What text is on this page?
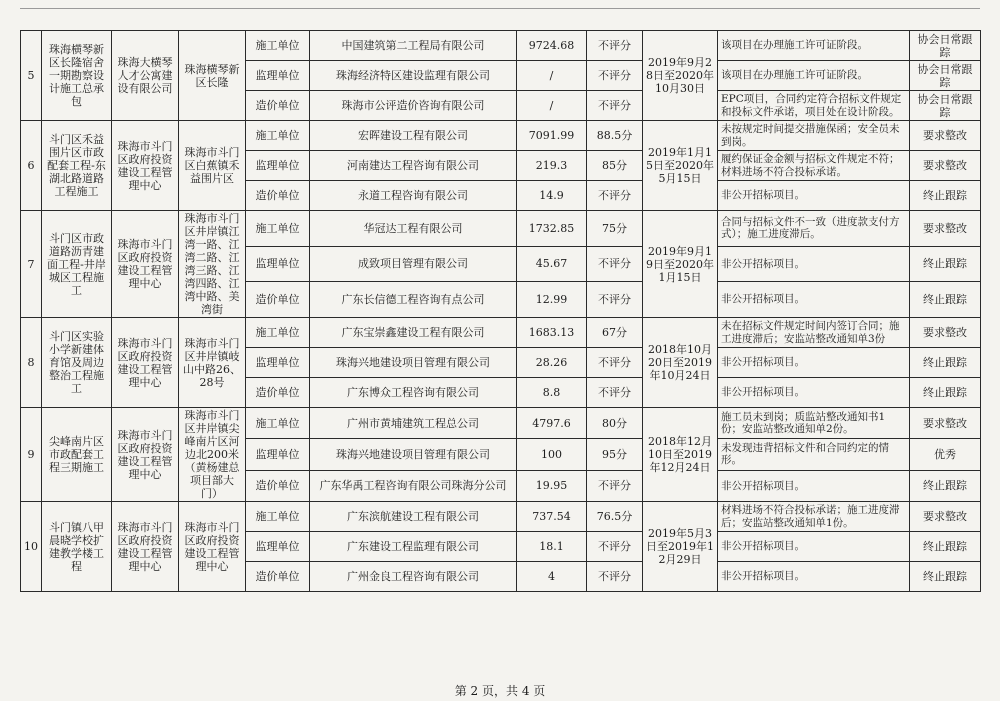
5	珠海横琴新区长隆宿舍一期勘察设计施工总承包	珠海大横琴人才公寓建设有限公司	珠海横琴新区长隆	施工单位	中国建筑第二工程局有限公司	9724.68	不评分	2019年9月28日至2020年10月30日	该项目在办理施工许可证阶段。	协会日常跟踪
				监理单位	珠海经济特区建设监理有限公司	/	不评分		该项目在办理施工许可证阶段。	协会日常跟踪
				造价单位	珠海市公评造价咨询有限公司	/	不评分		EPC项目，合同约定符合招标文件规定和投标文件承诺，项目处在设计阶段。	协会日常跟踪
6	斗门区禾益围片区市政配套工程-东湖北路道路工程施工	珠海市斗门区政府投资建设工程管理中心	珠海市斗门区白蕉镇禾益围片区	施工单位	宏晖建设工程有限公司	7091.99	88.5分	2019年1月15日至2020年5月15日	未按规定时间提交措施保函；安全员未到岗。	要求整改
				监理单位	河南建达工程咨询有限公司	219.3	85分		履约保证金金额与招标文件规定不符；材料进场不符合投标承诺。	要求整改
				造价单位	永道工程咨询有限公司	14.9	不评分		非公开招标项目。	终止跟踪
7	斗门区市政道路沥青建面工程-井岸城区工程施工	珠海市斗门区政府投资建设工程管理中心	珠海市斗门区井岸镇江湾一路、江湾二路、江湾三路、江湾四路、江湾中路、美湾街	施工单位	华冠达工程有限公司	1732.85	75分	2019年9月19日至2020年1月15日	合同与招标文件不一致（进度款支付方式）；施工进度滞后。	要求整改
				监理单位	成致项目管理有限公司	45.67	不评分		非公开招标项目。	终止跟踪
				造价单位	广东长信德工程咨询有点公司	12.99	不评分		非公开招标项目。	终止跟踪
8	斗门区实验小学新建体育馆及周边整治工程施工	珠海市斗门区政府投资建设工程管理中心	珠海市斗门区井岸镇岐山中路26、28号	施工单位	广东宝崇鑫建设工程有限公司	1683.13	67分	2018年10月20日至2019年10月24日	未在招标文件规定时间内签订合同；施工进度滞后；安监站整改通知单3份	要求整改
				监理单位	珠海兴地建设项目管理有限公司	28.26	不评分		非公开招标项目。	终止跟踪
				造价单位	广东博众工程咨询有限公司	8.8	不评分		非公开招标项目。	终止跟踪
9	尖峰南片区市政配套工程三期施工	珠海市斗门区政府投资建设工程管理中心	珠海市斗门区井岸镇尖峰南片区河边北200米（黄杨建总项目部大门）	施工单位	广州市黄埔建筑工程总公司	4797.6	80分	2018年12月10日至2019年12月24日	施工员未到岗；质监站整改通知书1份；安监站整改通知单2份。	要求整改
				监理单位	珠海兴地建设项目管理有限公司	100	95分		未发现违背招标文件和合同约定的情形。	优秀
				造价单位	广东华禹工程咨询有限公司珠海分公司	19.95	不评分		非公开招标项目。	终止跟踪
10	斗门镇八甲晨晓学校扩建教学楼工程	珠海市斗门区政府投资建设工程管理中心	珠海市斗门区政府投资建设工程管理中心	施工单位	广东滨航建设工程有限公司	737.54	76.5分	2019年5月3日至2019年12月29日	材料进场不符合投标承诺；施工进度滞后；安监站整改通知单1份。	要求整改
				监理单位	广东建设工程监理有限公司	18.1	不评分		非公开招标项目。	终止跟踪
				造价单位	广州金良工程咨询有限公司	4	不评分		非公开招标项目。	终止跟踪
第 2 页，共 4 页
